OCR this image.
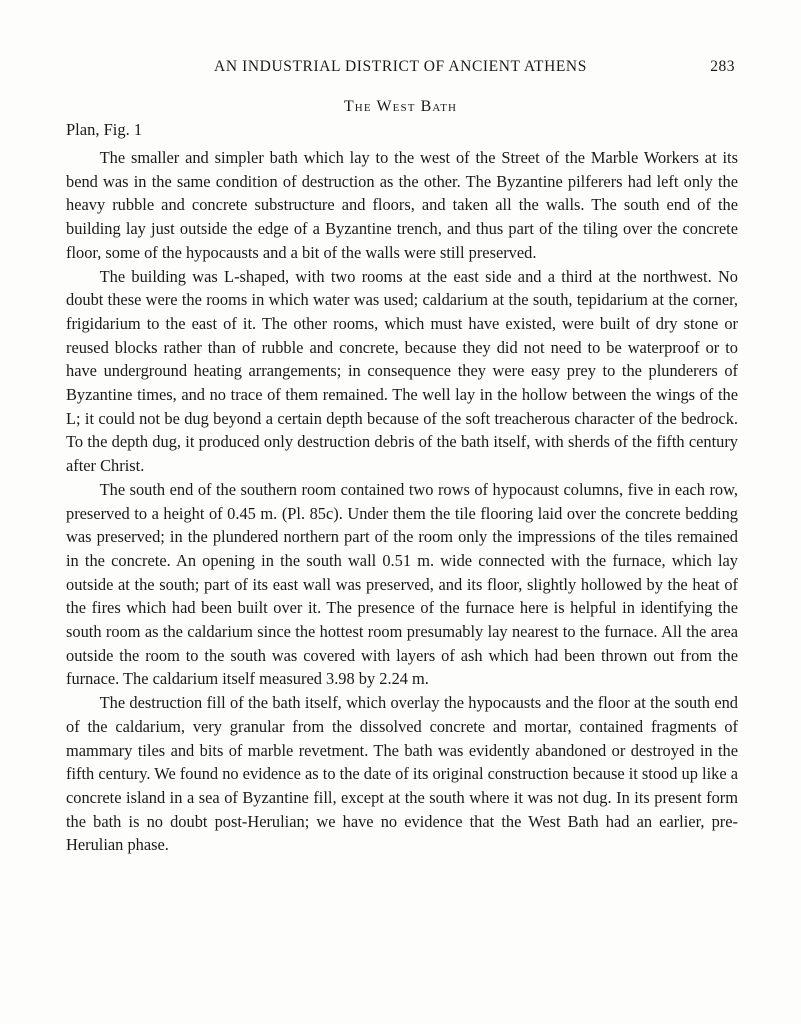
AN INDUSTRIAL DISTRICT OF ANCIENT ATHENS	283
The West Bath
Plan, Fig. 1

The smaller and simpler bath which lay to the west of the Street of the Marble Workers at its bend was in the same condition of destruction as the other. The Byzantine pilferers had left only the heavy rubble and concrete substructure and floors, and taken all the walls. The south end of the building lay just outside the edge of a Byzantine trench, and thus part of the tiling over the concrete floor, some of the hypocausts and a bit of the walls were still preserved.

The building was L-shaped, with two rooms at the east side and a third at the northwest. No doubt these were the rooms in which water was used; caldarium at the south, tepidarium at the corner, frigidarium to the east of it. The other rooms, which must have existed, were built of dry stone or reused blocks rather than of rubble and concrete, because they did not need to be waterproof or to have underground heating arrangements; in consequence they were easy prey to the plunderers of Byzantine times, and no trace of them remained. The well lay in the hollow between the wings of the L; it could not be dug beyond a certain depth because of the soft treacherous character of the bedrock. To the depth dug, it produced only destruction debris of the bath itself, with sherds of the fifth century after Christ.

The south end of the southern room contained two rows of hypocaust columns, five in each row, preserved to a height of 0.45 m. (Pl. 85c). Under them the tile flooring laid over the concrete bedding was preserved; in the plundered northern part of the room only the impressions of the tiles remained in the concrete. An opening in the south wall 0.51 m. wide connected with the furnace, which lay outside at the south; part of its east wall was preserved, and its floor, slightly hollowed by the heat of the fires which had been built over it. The presence of the furnace here is helpful in identifying the south room as the caldarium since the hottest room presumably lay nearest to the furnace. All the area outside the room to the south was covered with layers of ash which had been thrown out from the furnace. The caldarium itself measured 3.98 by 2.24 m.

The destruction fill of the bath itself, which overlay the hypocausts and the floor at the south end of the caldarium, very granular from the dissolved concrete and mortar, contained fragments of mammary tiles and bits of marble revetment. The bath was evidently abandoned or destroyed in the fifth century. We found no evidence as to the date of its original construction because it stood up like a concrete island in a sea of Byzantine fill, except at the south where it was not dug. In its present form the bath is no doubt post-Herulian; we have no evidence that the West Bath had an earlier, pre-Herulian phase.
